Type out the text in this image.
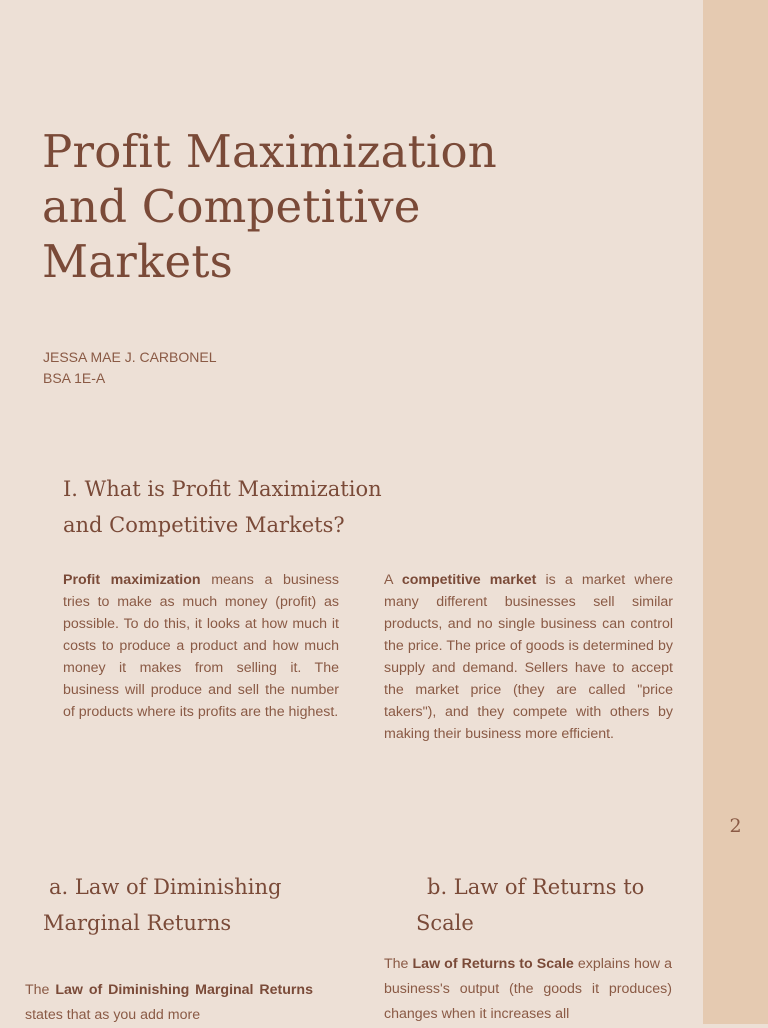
Profit Maximization
and Competitive
Markets
JESSA MAE J. CARBONEL
BSA 1E-A
I. What is Profit Maximization
and Competitive Markets?

Profit maximization means a business tries to make as much money (profit) as possible. To do this, it looks at how much it costs to produce a product and how much money it makes from selling it. The business will produce and sell the number of products where its profits are the highest.

A competitive market is a market where many different businesses sell similar products, and no single business can control the price. The price of goods is determined by supply and demand. Sellers have to accept the market price (they are called "price takers"), and they compete with others by making their business more efficient.

a. Law of Diminishing
Marginal Returns
b. Law of Returns to
Scale

The Law of Diminishing Marginal Returns states that as you add more

The Law of Returns to Scale explains how a business's output (the goods it produces) changes when it increases all

2
